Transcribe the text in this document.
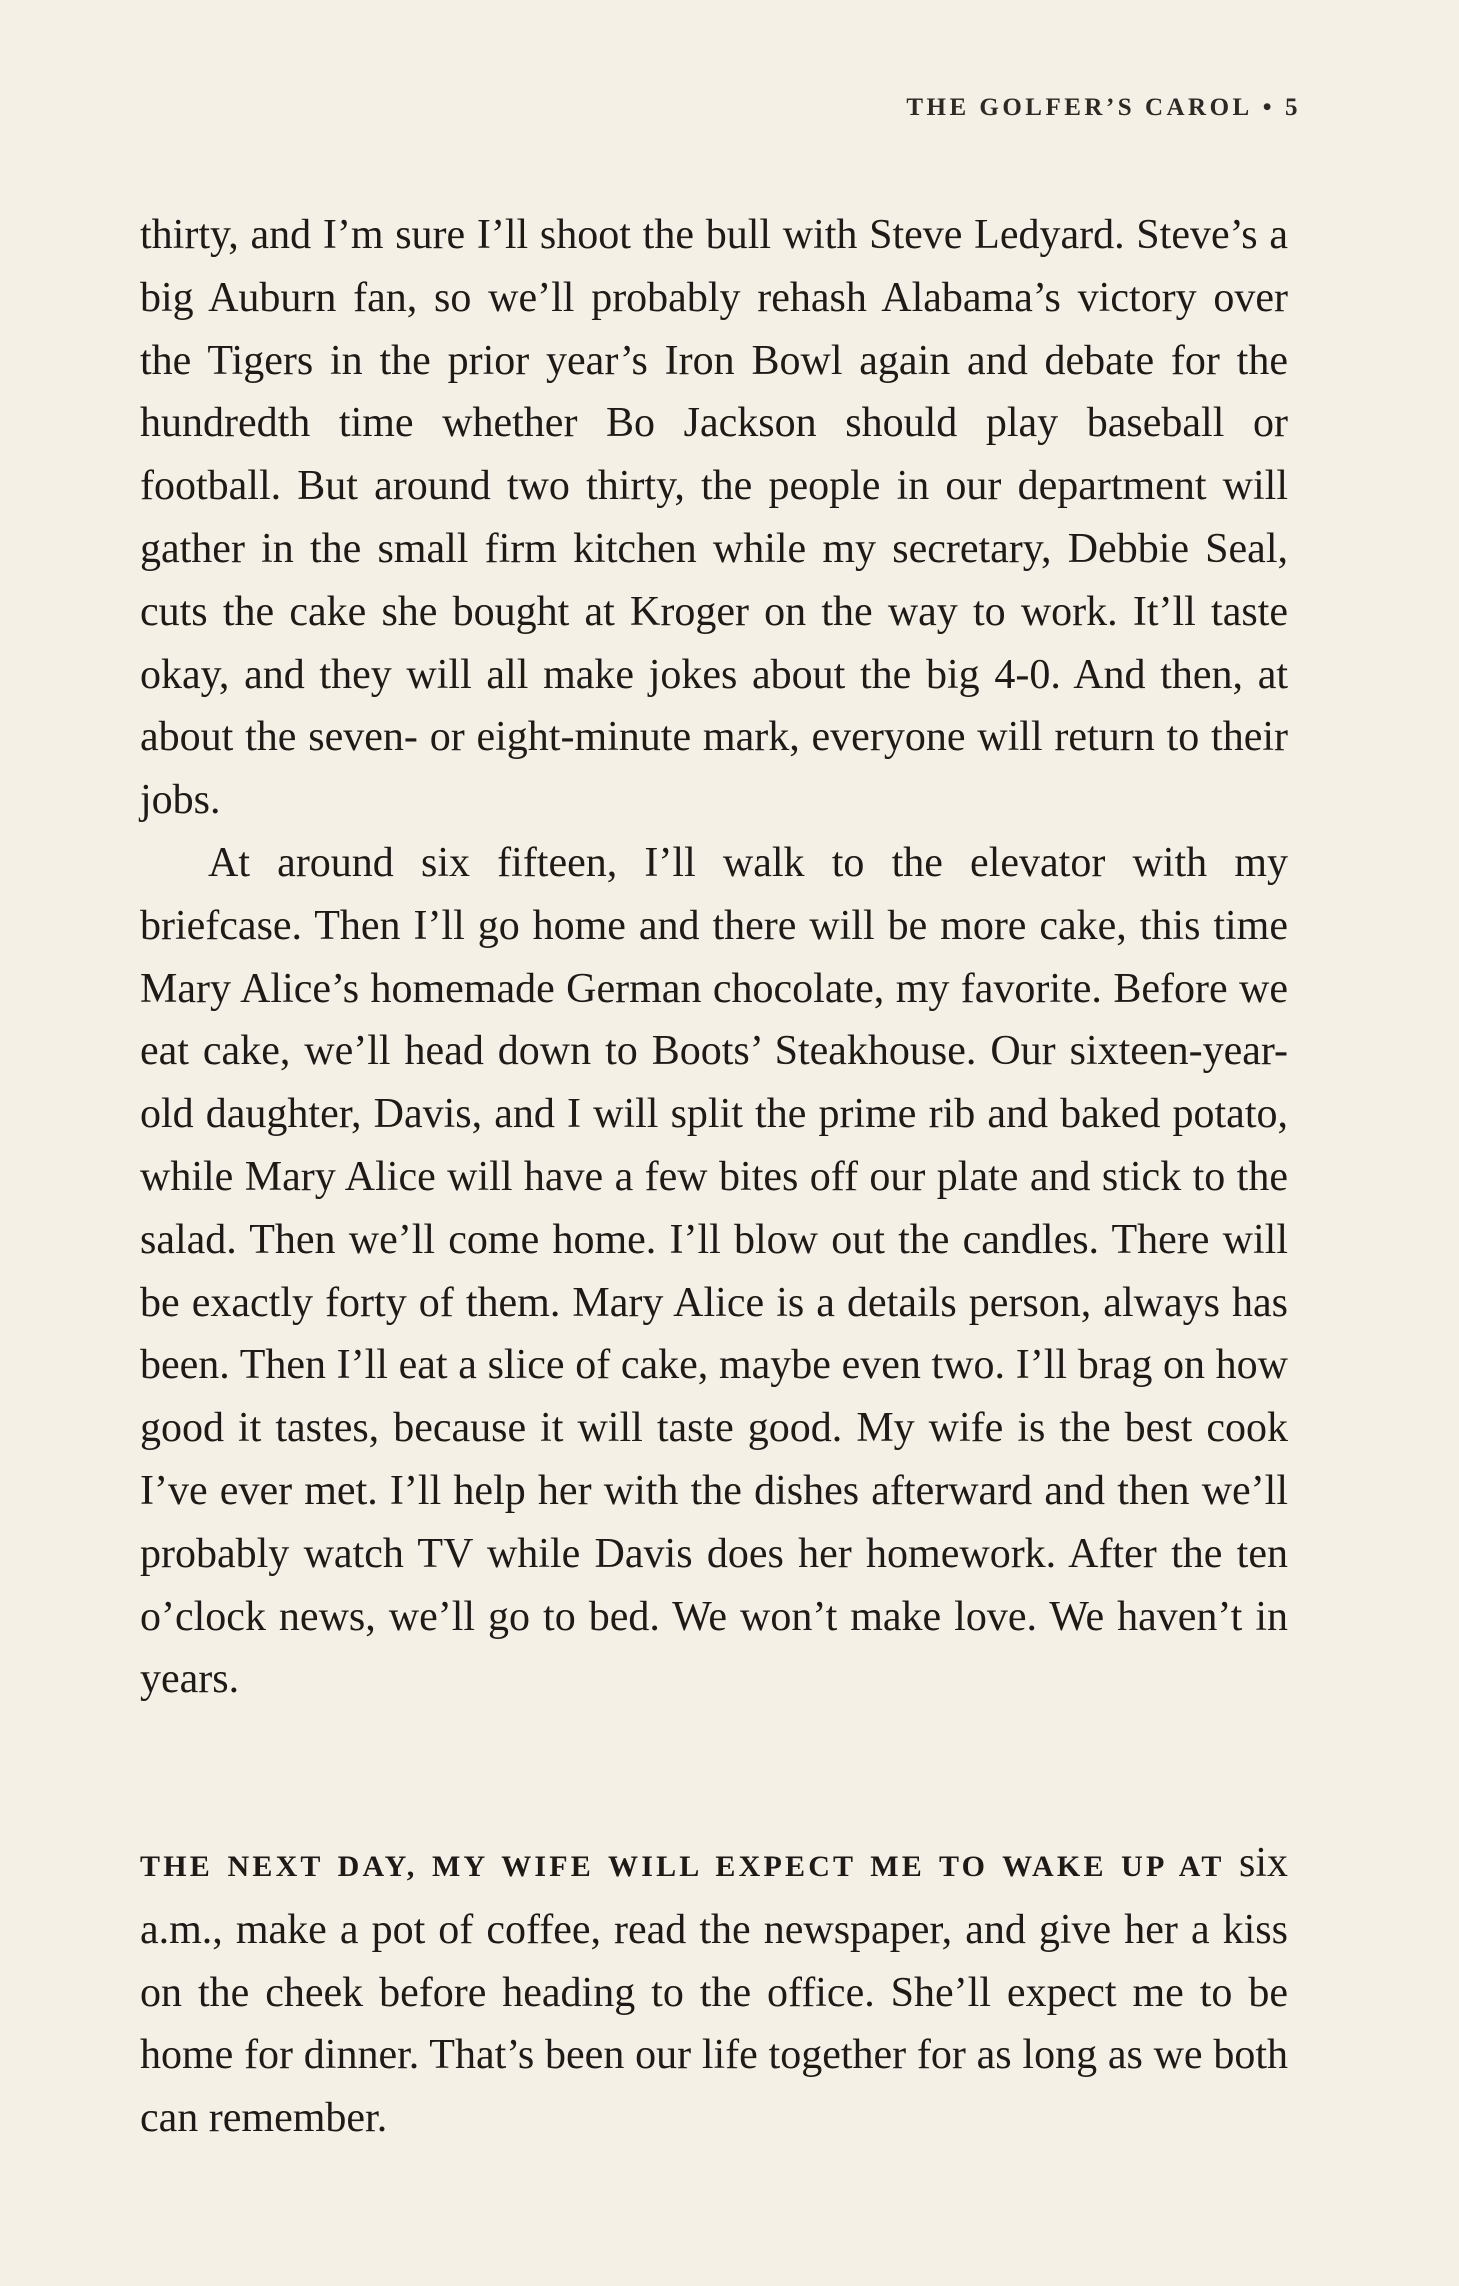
THE GOLFER’S CAROL • 5

thirty, and I’m sure I’ll shoot the bull with Steve Ledyard. Steve’s a big Auburn fan, so we’ll probably rehash Alabama’s victory over the Tigers in the prior year’s Iron Bowl again and debate for the hundredth time whether Bo Jackson should play baseball or football. But around two thirty, the people in our department will gather in the small firm kitchen while my secretary, Debbie Seal, cuts the cake she bought at Kroger on the way to work. It’ll taste okay, and they will all make jokes about the big 4-0. And then, at about the seven- or eight-minute mark, everyone will return to their jobs.

At around six fifteen, I’ll walk to the elevator with my briefcase. Then I’ll go home and there will be more cake, this time Mary Alice’s homemade German chocolate, my favorite. Before we eat cake, we’ll head down to Boots’ Steakhouse. Our sixteen-year-old daughter, Davis, and I will split the prime rib and baked potato, while Mary Alice will have a few bites off our plate and stick to the salad. Then we’ll come home. I’ll blow out the candles. There will be exactly forty of them. Mary Alice is a details person, always has been. Then I’ll eat a slice of cake, maybe even two. I’ll brag on how good it tastes, because it will taste good. My wife is the best cook I’ve ever met. I’ll help her with the dishes afterward and then we’ll probably watch TV while Davis does her homework. After the ten o’clock news, we’ll go to bed. We won’t make love. We haven’t in years.

THE NEXT DAY, MY WIFE WILL EXPECT ME TO WAKE UP AT six a.m., make a pot of coffee, read the newspaper, and give her a kiss on the cheek before heading to the office. She’ll expect me to be home for dinner. That’s been our life together for as long as we both can remember.
